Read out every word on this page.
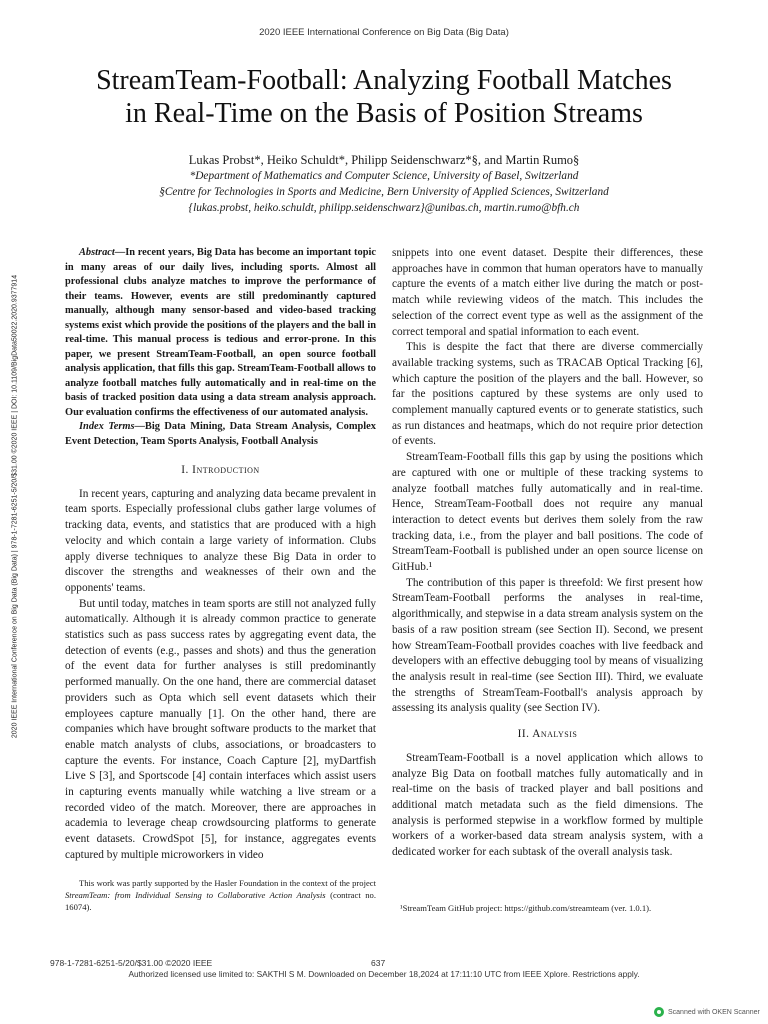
2020 IEEE International Conference on Big Data (Big Data)
StreamTeam-Football: Analyzing Football Matches
in Real-Time on the Basis of Position Streams
Lukas Probst*, Heiko Schuldt*, Philipp Seidenschwarz*§, and Martin Rumo§
*Department of Mathematics and Computer Science, University of Basel, Switzerland
§Centre for Technologies in Sports and Medicine, Bern University of Applied Sciences, Switzerland
{lukas.probst, heiko.schuldt, philipp.seidenschwarz}@unibas.ch, martin.rumo@bfh.ch
2020 IEEE International Conference on Big Data (Big Data) | 978-1-7281-6251-5/20/$31.00 ©2020 IEEE | DOI: 10.1109/BigData50022.2020.9377914

Abstract—In recent years, Big Data has become an important topic in many areas of our daily lives, including sports. Almost all professional clubs analyze matches to improve the performance of their teams. However, events are still predominantly captured manually, although many sensor-based and video-based tracking systems exist which provide the positions of the players and the ball in real-time. This manual process is tedious and error-prone. In this paper, we present StreamTeam-Football, an open source football analysis application, that fills this gap. StreamTeam-Football allows to analyze football matches fully automatically and in real-time on the basis of tracked position data using a data stream analysis approach. Our evaluation confirms the effectiveness of our automated analysis.

Index Terms—Big Data Mining, Data Stream Analysis, Complex Event Detection, Team Sports Analysis, Football Analysis

I. Introduction

In recent years, capturing and analyzing data became prevalent in team sports. Especially professional clubs gather large volumes of tracking data, events, and statistics that are produced with a high velocity and which contain a large variety of information. Clubs apply diverse techniques to analyze these Big Data in order to discover the strengths and weaknesses of their own and the opponents' teams.

But until today, matches in team sports are still not analyzed fully automatically. Although it is already common practice to generate statistics such as pass success rates by aggregating event data, the detection of events (e.g., passes and shots) and thus the generation of the event data for further analyses is still predominantly performed manually. On the one hand, there are commercial dataset providers such as Opta which sell event datasets which their employees capture manually [1]. On the other hand, there are companies which have brought software products to the market that enable match analysts of clubs, associations, or broadcasters to capture the events. For instance, Coach Capture [2], myDartfish Live S [3], and Sportscode [4] contain interfaces which assist users in capturing events manually while watching a live stream or a recorded video of the match. Moreover, there are approaches in academia to leverage cheap crowdsourcing platforms to generate event datasets. CrowdSpot [5], for instance, aggregates events captured by multiple microworkers in video

This work was partly supported by the Hasler Foundation in the context of the project StreamTeam: from Individual Sensing to Collaborative Action Analysis (contract no. 16074).

snippets into one event dataset. Despite their differences, these approaches have in common that human operators have to manually capture the events of a match either live during the match or post-match while reviewing videos of the match. This includes the selection of the correct event type as well as the assignment of the correct temporal and spatial information to each event.

This is despite the fact that there are diverse commercially available tracking systems, such as TRACAB Optical Tracking [6], which capture the position of the players and the ball. However, so far the positions captured by these systems are only used to complement manually captured events or to generate statistics, such as run distances and heatmaps, which do not require prior detection of events.

StreamTeam-Football fills this gap by using the positions which are captured with one or multiple of these tracking systems to analyze football matches fully automatically and in real-time. Hence, StreamTeam-Football does not require any manual interaction to detect events but derives them solely from the raw tracking data, i.e., from the player and ball positions. The code of StreamTeam-Football is published under an open source license on GitHub.¹

The contribution of this paper is threefold: We first present how StreamTeam-Football performs the analyses in real-time, algorithmically, and stepwise in a data stream analysis system on the basis of a raw position stream (see Section II). Second, we present how StreamTeam-Football provides coaches with live feedback and developers with an effective debugging tool by means of visualizing the analysis result in real-time (see Section III). Third, we evaluate the strengths of StreamTeam-Football's analysis approach by assessing its analysis quality (see Section IV).

II. Analysis

StreamTeam-Football is a novel application which allows to analyze Big Data on football matches fully automatically and in real-time on the basis of tracked player and ball positions and additional match metadata such as the field dimensions. The analysis is performed stepwise in a workflow formed by multiple workers of a worker-based data stream analysis system, with a dedicated worker for each subtask of the overall analysis task.

¹StreamTeam GitHub project: https://github.com/streamteam (ver. 1.0.1).
978-1-7281-6251-5/20/$31.00 ©2020 IEEE	637
Authorized licensed use limited to: SAKTHI S M. Downloaded on December 18,2024 at 17:11:10 UTC from IEEE Xplore. Restrictions apply.
Scanned with OKEN Scanner
